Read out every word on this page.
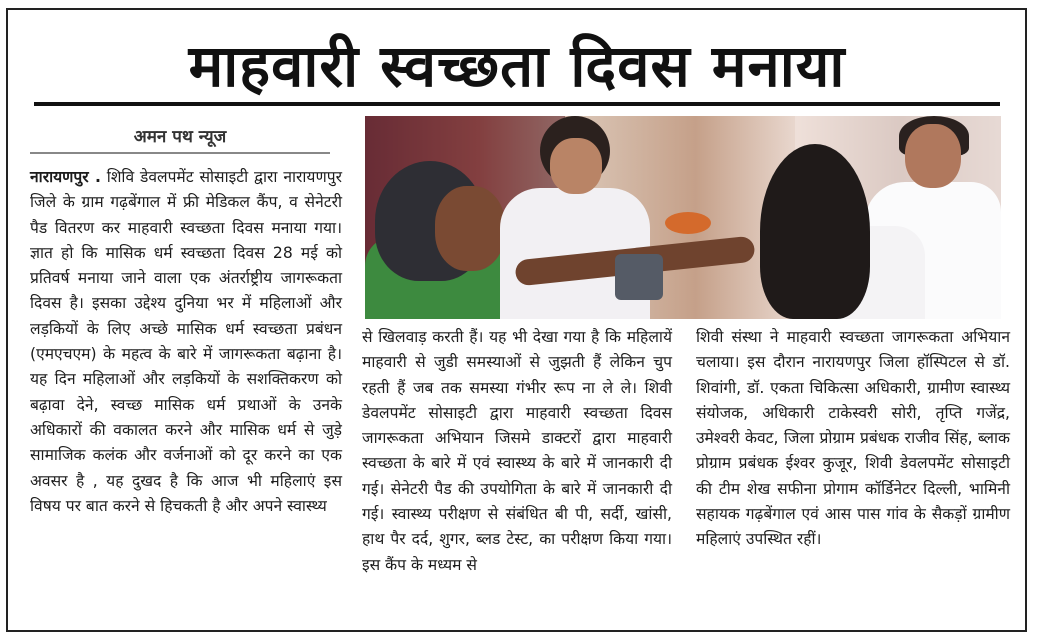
माहवारी स्वच्छता दिवस मनाया
अमन पथ न्यूज

नारायणपुर . शिवि डेवलपमेंट सोसाइटी द्वारा नारायणपुर जिले के ग्राम गढ़बेंगाल में फ्री मेडिकल कैंप, व सेनेटरी पैड वितरण कर माहवारी स्वच्छता दिवस मनाया गया। ज्ञात हो कि मासिक धर्म स्वच्छता दिवस 28 मई को प्रतिवर्ष मनाया जाने वाला एक अंतर्राष्ट्रीय जागरूकता दिवस है। इसका उद्देश्य दुनिया भर में महिलाओं और लड़कियों के लिए अच्छे मासिक धर्म स्वच्छता प्रबंधन (एमएचएम) के महत्व के बारे में जागरूकता बढ़ाना है। यह दिन महिलाओं और लड़कियों के सशक्तिकरण को बढ़ावा देने, स्वच्छ मासिक धर्म प्रथाओं के उनके अधिकारों की वकालत करने और मासिक धर्म से जुड़े सामाजिक कलंक और वर्जनाओं को दूर करने का एक अवसर है , यह दुखद है कि आज भी महिलाएं इस विषय पर बात करने से हिचकती है और अपने स्वास्थ्य

से खिलवाड़ करती हैं। यह भी देखा गया है कि महिलायें माहवारी से जुडी समस्याओं से जुझती हैं लेकिन चुप रहती हैं जब तक समस्या गंभीर रूप ना ले ले। शिवी डेवलपमेंट सोसाइटी द्वारा माहवारी स्वच्छता दिवस जागरूकता अभियान जिसमे डाक्टरों द्वारा माहवारी स्वच्छता के बारे में एवं स्वास्थ्य के बारे में जानकारी दी गई। सेनेटरी पैड की उपयोगिता के बारे में जानकारी दी गई। स्वास्थ्य परीक्षण से संबंधित बी पी, सर्दी, खांसी, हाथ पैर दर्द, शुगर, ब्लड टेस्ट, का परीक्षण किया गया। इस कैंप के मध्यम से

शिवी संस्था ने माहवारी स्वच्छता जागरूकता अभियान चलाया। इस दौरान नारायणपुर जिला हॉस्पिटल से डॉ. शिवांगी, डॉ. एकता चिकित्सा अधिकारी, ग्रामीण स्वास्थ्य संयोजक, अधिकारी टाकेस्वरी सोरी, तृप्ति गजेंद्र, उमेश्वरी केवट, जिला प्रोग्राम प्रबंधक राजीव सिंह, ब्लाक प्रोग्राम प्रबंधक ईश्वर कुजूर, शिवी डेवलपमेंट सोसाइटी की टीम शेख सफीना प्रोगाम कॉर्डिनेटर दिल्ली, भामिनी सहायक गढ़बेंगाल एवं आस पास गांव के सैकड़ों ग्रामीण महिलाएं उपस्थित रहीं।
